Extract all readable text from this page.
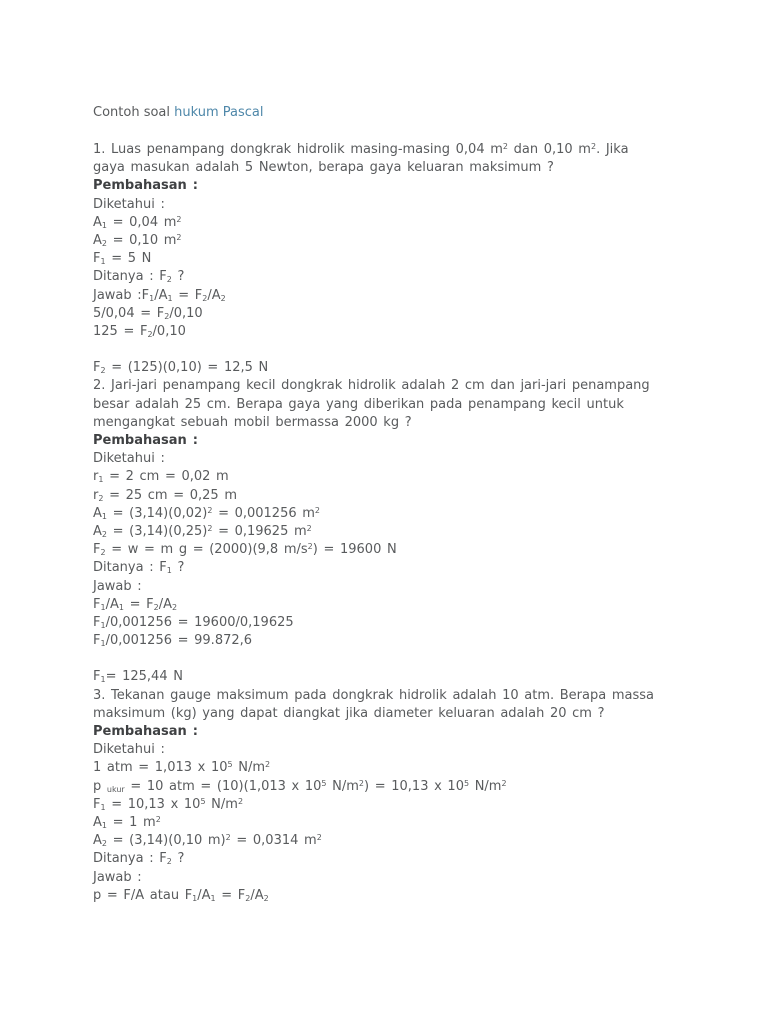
Contoh soal hukum Pascal

1. Luas penampang dongkrak hidrolik masing-masing 0,04 $m^2$ dan 0,10 $m^2$. Jika

gaya masukan adalah 5 Newton, berapa gaya keluaran maksimum ?

Pembahasan :

Diketahui :

$A_1 = 0,04$ $m^2$

$A_2 = 0,10$ $m^2$

$F_1 = 5$ N

Ditanya : $F_2$ ?

Jawab $:F_1/A_1 = F_2/A_2$

$5/0,04 = F_2/0,10$

$125 = F_2/0,10$

$F_2 = (125)(0,10) = 12,5$ N

2. Jari-jari penampang kecil dongkrak hidrolik adalah 2 cm dan jari-jari penampang

besar adalah 25 cm. Berapa gaya yang diberikan pada penampang kecil untuk

mengangkat sebuah mobil bermassa 2000 kg ?

Pembahasan :

Diketahui :

$r_1 = 2$ cm = 0,02 m

$r_2 = 25$ cm = 0,25 m

$A_1 = (3,14)(0,02)^2 = 0,001256$ $m^2$

$A_2 = (3,14)(0,25)^2 = 0,19625$ $m^2$

$F_2 = w = m$ g = (2000)(9,8 $m/s^2) = 19600$ N

Ditanya : $F_1$ ?

Jawab :

$F_1/A_1 = F_2/A_2$

$F_1/0,001256 = 19600/0,19625$

$F_1/0,001256 = 99.872,6$

$F_1= 125,44$ N

3. Tekanan gauge maksimum pada dongkrak hidrolik adalah 10 atm. Berapa massa

maksimum (kg) yang dapat diangkat jika diameter keluaran adalah 20 cm ?

Pembahasan :

Diketahui :

1 atm = 1,013 x $10^5$ $N/m^2$

p $_{ukur}$ = 10 atm = (10)(1,013 x $10^5$ $N/m^2) = 10,13$ x $10^5$ $N/m^2$

$F_1 = 10,13$ x $10^5$ $N/m^2$

$A_1 = 1$ $m^2$

$A_2 = (3,14)(0,10$ m)$^2$ = 0,0314 $m^2$

Ditanya : $F_2$ ?

Jawab :

p = F/A atau $F_1/A_1 = F_2/A_2$
